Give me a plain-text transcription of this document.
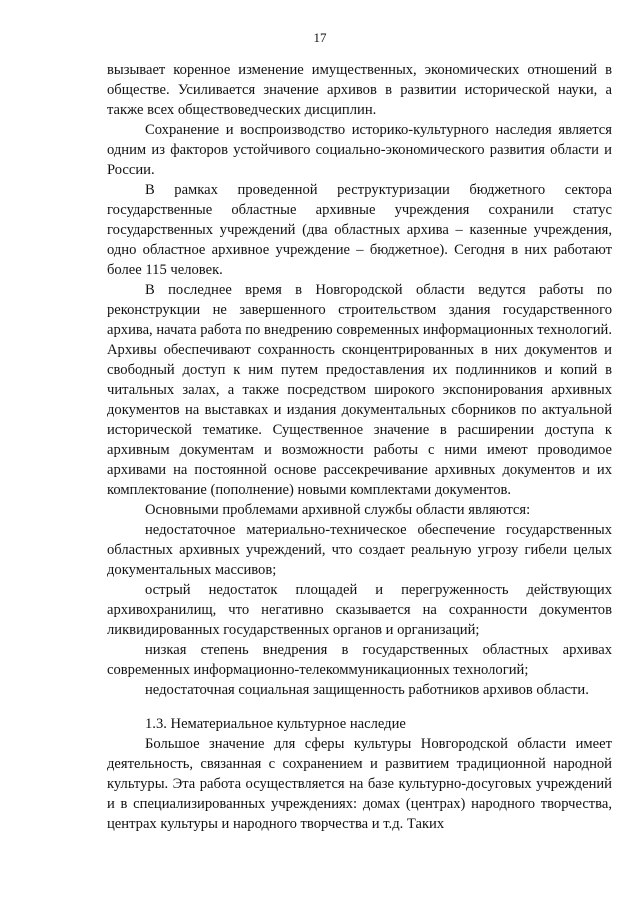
17

вызывает коренное изменение имущественных, экономических отношений в обществе. Усиливается значение архивов в развитии исторической науки, а также всех обществоведческих дисциплин.

Сохранение и воспроизводство историко-культурного наследия является одним из факторов устойчивого социально-экономического развития области и России.

В рамках проведенной реструктуризации бюджетного сектора государственные областные архивные учреждения сохранили статус государственных учреждений (два областных архива – казенные учреждения, одно областное архивное учреждение – бюджетное). Сегодня в них работают более 115 человек.

В последнее время в Новгородской области ведутся работы по реконструкции не завершенного строительством здания государственного архива, начата работа по внедрению современных информационных технологий. Архивы обеспечивают сохранность сконцентрированных в них документов и свободный доступ к ним путем предоставления их подлинников и копий в читальных залах, а также посредством широкого экспонирования архивных документов на выставках и издания документальных сборников по актуальной исторической тематике. Существенное значение в расширении доступа к архивным документам и возможности работы с ними имеют проводимое архивами на постоянной основе рассекречивание архивных документов и их комплектование (пополнение) новыми комплектами документов.

Основными проблемами архивной службы области являются:

недостаточное материально-техническое обеспечение государственных областных архивных учреждений, что создает реальную угрозу гибели целых документальных массивов;

острый недостаток площадей и перегруженность действующих архивохранилищ, что негативно сказывается на сохранности документов ликвидированных государственных органов и организаций;

низкая степень внедрения в государственных областных архивах современных информационно-телекоммуникационных технологий;

недостаточная социальная защищенность работников архивов области.

1.3. Нематериальное культурное наследие

Большое значение для сферы культуры Новгородской области имеет деятельность, связанная с сохранением и развитием традиционной народной культуры. Эта работа осуществляется на базе культурно-досуговых учреждений и в специализированных учреждениях: домах (центрах) народного творчества, центрах культуры и народного творчества и т.д. Таких
